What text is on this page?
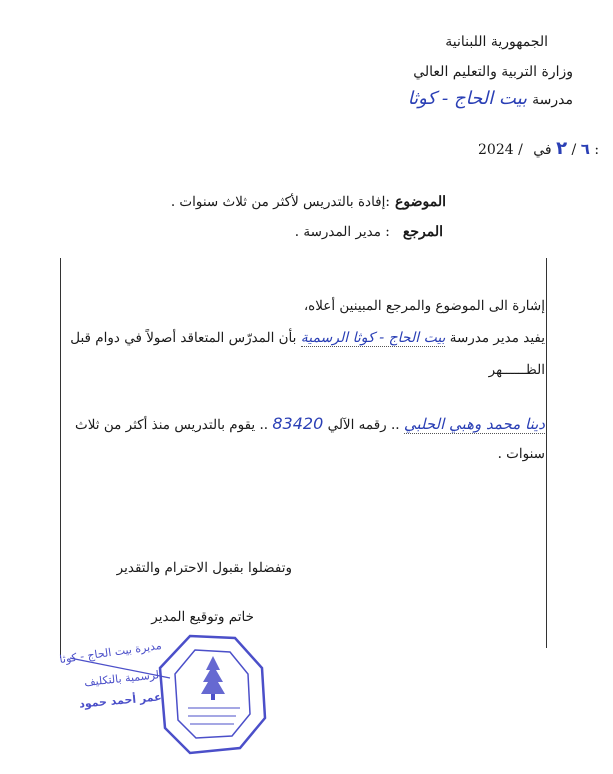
الجمهورية اللبنانية
وزارة التربية والتعليم العالي
مدرسة بيت الحاج - كوثا
2024 /	٦ / ٢ في :
الموضوع :إفادة بالتدريس لأكثر من ثلاث سنوات .
المرجع : مدير المدرسة .
إشارة الى الموضوع والمرجع المبينين أعلاه،
يفيد مدير مدرسة بيت الحاج - كوثا الرسمية بأن المدرّس المتعاقد أصولاً في دوام قبل
الظــــــهر
دينا محمد وهبي الحلبي .. رقمه الآلي 83420 .. يقوم بالتدريس منذ أكثر من ثلاث
سنوات .
وتفضلوا بقبول الاحترام والتقدير
خاتم وتوقيع المدير
مديرة بيت الحاج - كوثا
الرسمية بالتكليف
عمر أحمد حمود
